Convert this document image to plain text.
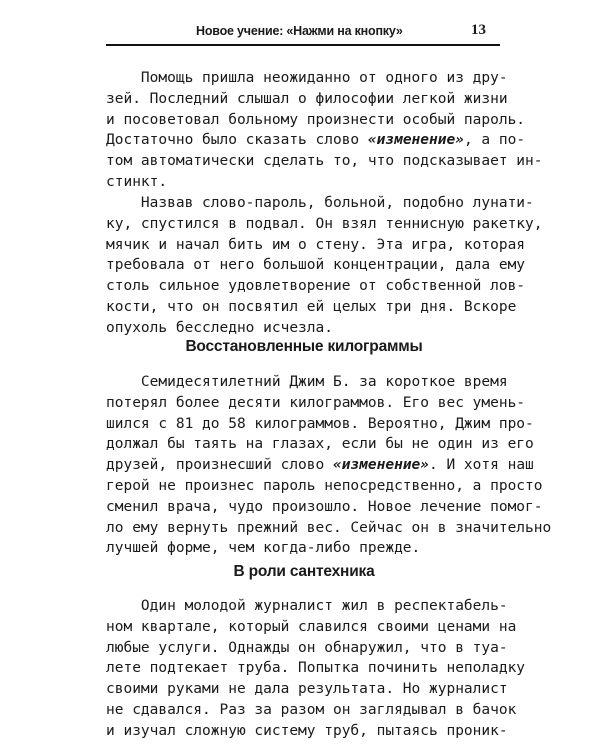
Новое учение: «Нажми на кнопку»	13
Помощь пришла неожиданно от одного из дру-
зей. Последний слышал о философии легкой жизни
и посоветовал больному произнести особый пароль.
Достаточно было сказать слово «изменение», а по-
том автоматически сделать то, что подсказывает ин-
стинкт.
Назвав слово-пароль, больной, подобно лунати-
ку, спустился в подвал. Он взял теннисную ракетку,
мячик и начал бить им о стену. Эта игра, которая
требовала от него большой концентрации, дала ему
столь сильное удовлетворение от собственной лов-
кости, что он посвятил ей целых три дня. Вскоре
опухоль бесследно исчезла.
Восстановленные килограммы
Семидесятилетний Джим Б. за короткое время
потерял более десяти килограммов. Его вес умень-
шился с 81 до 58 килограммов. Вероятно, Джим про-
должал бы таять на глазах, если бы не один из его
друзей, произнесший слово «изменение». И хотя наш
герой не произнес пароль непосредственно, а просто
сменил врача, чудо произошло. Новое лечение помог-
ло ему вернуть прежний вес. Сейчас он в значительно
лучшей форме, чем когда-либо прежде.
В роли сантехника
Один молодой журналист жил в респектабель-
ном квартале, который славился своими ценами на
любые услуги. Однажды он обнаружил, что в туа-
лете подтекает труба. Попытка починить неполадку
своими руками не дала результата. Но журналист
не сдавался. Раз за разом он заглядывал в бачок
и изучал сложную систему труб, пытаясь проник-
